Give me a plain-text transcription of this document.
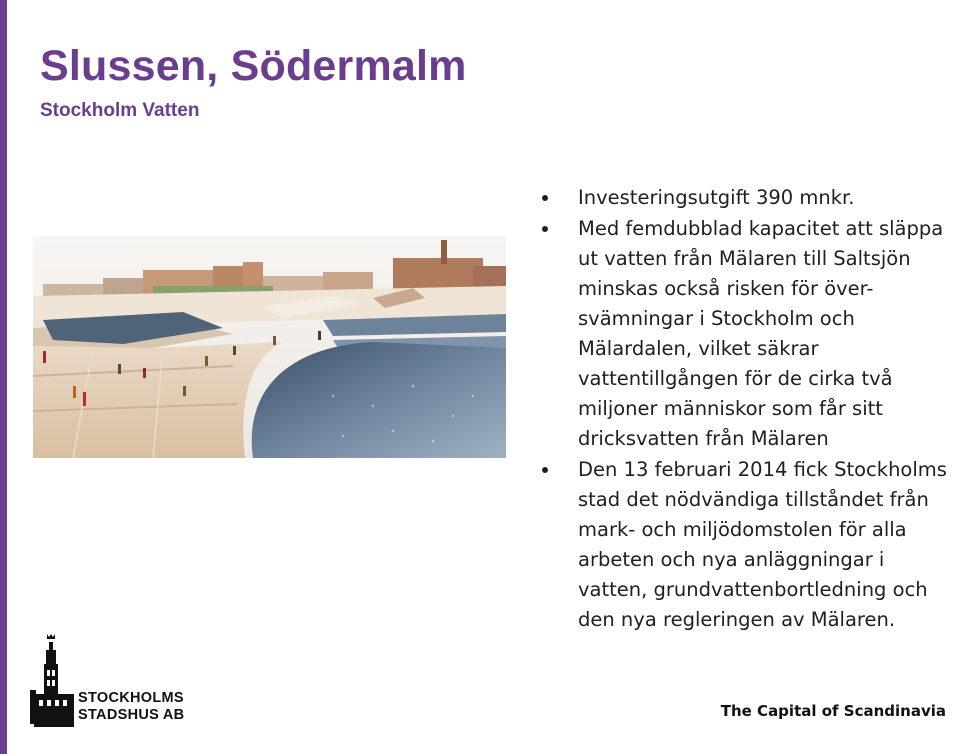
Slussen, Södermalm
Stockholm Vatten
Investeringsutgift 390 mnkr.
Med femdubblad kapacitet att släppa ut vatten från Mälaren till Saltsjön minskas också risken för över-svämningar i Stockholm och Mälardalen, vilket säkrar vattentillgången för de cirka två miljoner människor som får sitt dricksvatten från Mälaren
Den 13 februari 2014 fick Stockholms stad det nödvändiga tillståndet från mark- och miljödomstolen för alla arbeten och nya anläggningar i vatten, grundvattenbortledning och den nya regleringen av Mälaren.
STOCKHOLMS
STADSHUS AB	The Capital of Scandinavia
